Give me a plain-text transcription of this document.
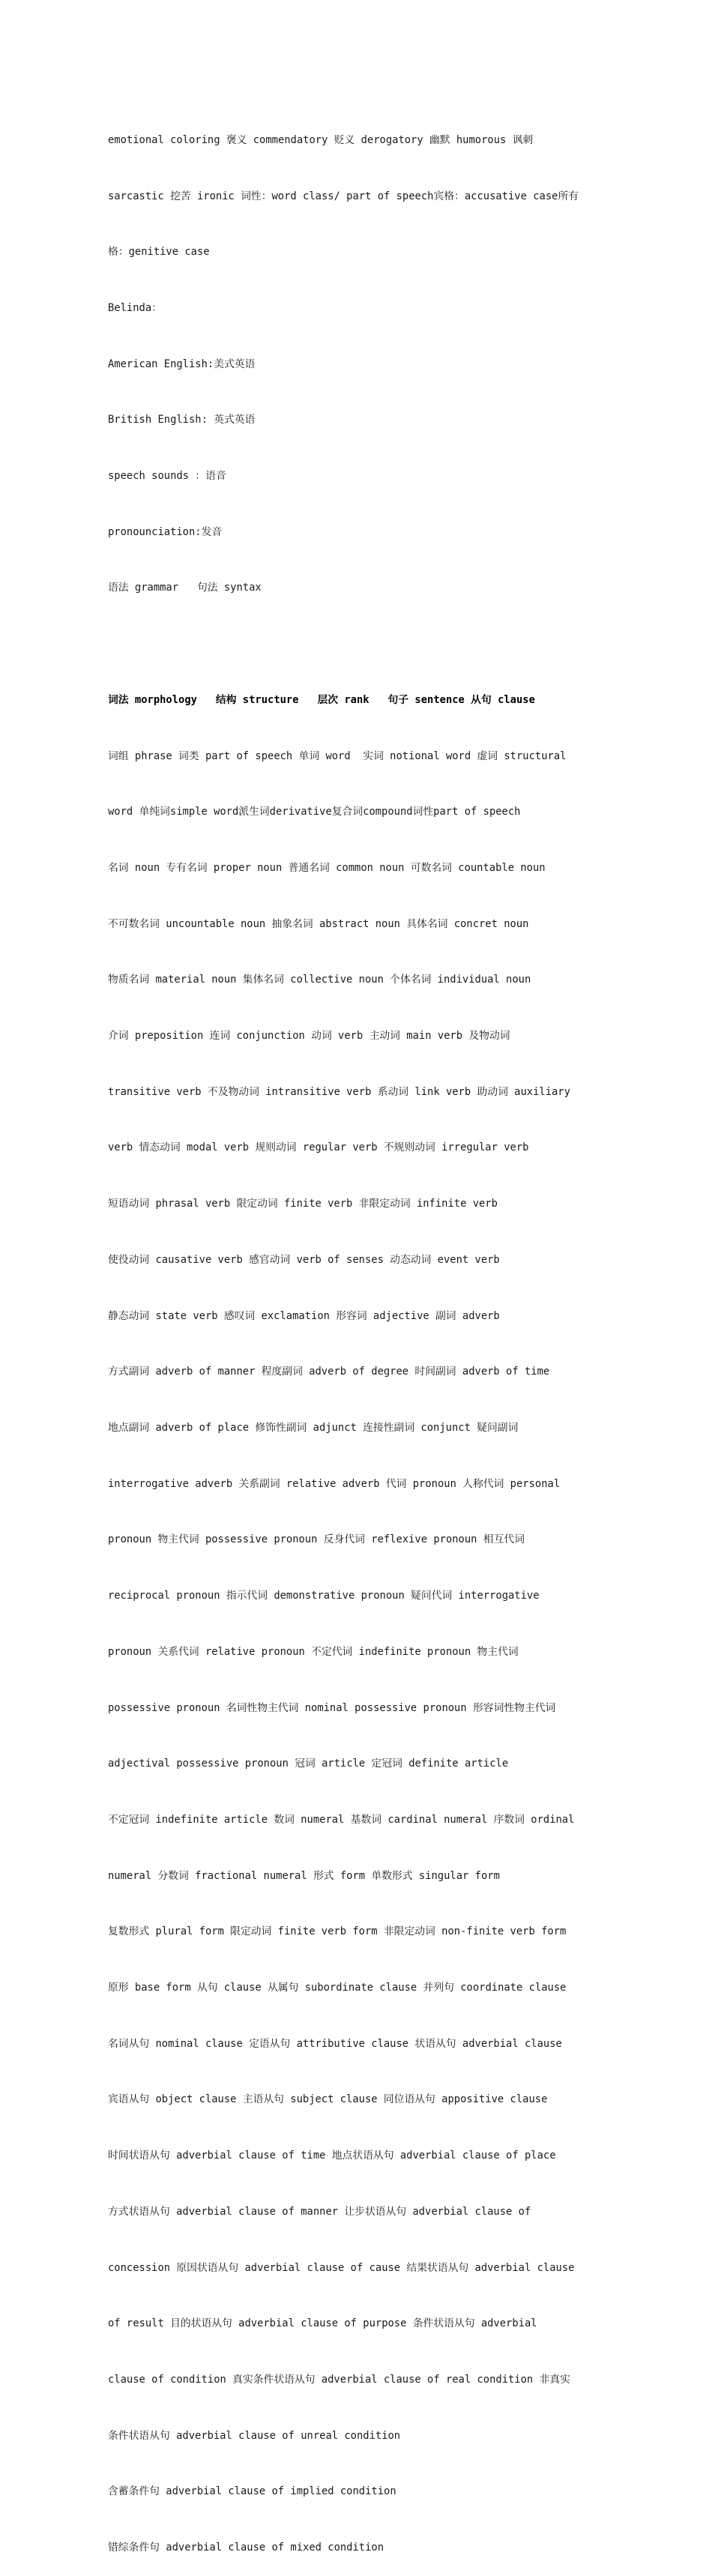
emotional coloring 褒义 commendatory 贬义 derogatory 幽默 humorous 讽刺

sarcastic 挖苦 ironic 词性：word class/ part of speech宾格：accusative case所有

格：genitive case

Belinda：

American English:美式英语

British English: 英式英语

speech sounds ：语音

pronounciation:发音

语法 grammar   句法 syntax

词法 morphology   结构 structure   层次 rank   句子 sentence 从句 clause

词组 phrase 词类 part of speech 单词 word  实词 notional word 虚词 structural

word 单纯词simple word派生词derivative复合词compound词性part of speech

名词 noun 专有名词 proper noun 普通名词 common noun 可数名词 countable noun

不可数名词 uncountable noun 抽象名词 abstract noun 具体名词 concret noun

物质名词 material noun 集体名词 collective noun 个体名词 individual noun

介词 preposition 连词 conjunction 动词 verb 主动词 main verb 及物动词

transitive verb 不及物动词 intransitive verb 系动词 link verb 助动词 auxiliary

verb 情态动词 modal verb 规则动词 regular verb 不规则动词 irregular verb

短语动词 phrasal verb 限定动词 finite verb 非限定动词 infinite verb

使役动词 causative verb 感官动词 verb of senses 动态动词 event verb

静态动词 state verb 感叹词 exclamation 形容词 adjective 副词 adverb

方式副词 adverb of manner 程度副词 adverb of degree 时间副词 adverb of time

地点副词 adverb of place 修饰性副词 adjunct 连接性副词 conjunct 疑问副词

interrogative adverb 关系副词 relative adverb 代词 pronoun 人称代词 personal

pronoun 物主代词 possessive pronoun 反身代词 reflexive pronoun 相互代词

reciprocal pronoun 指示代词 demonstrative pronoun 疑问代词 interrogative

pronoun 关系代词 relative pronoun 不定代词 indefinite pronoun 物主代词

possessive pronoun 名词性物主代词 nominal possessive pronoun 形容词性物主代词

adjectival possessive pronoun 冠词 article 定冠词 definite article

不定冠词 indefinite article 数词 numeral 基数词 cardinal numeral 序数词 ordinal

numeral 分数词 fractional numeral 形式 form 单数形式 singular form

复数形式 plural form 限定动词 finite verb form 非限定动词 non-finite verb form

原形 base form 从句 clause 从属句 subordinate clause 并列句 coordinate clause

名词从句 nominal clause 定语从句 attributive clause 状语从句 adverbial clause

宾语从句 object clause 主语从句 subject clause 同位语从句 appositive clause

时间状语从句 adverbial clause of time 地点状语从句 adverbial clause of place

方式状语从句 adverbial clause of manner 让步状语从句 adverbial clause of

concession 原因状语从句 adverbial clause of cause 结果状语从句 adverbial clause

of result 目的状语从句 adverbial clause of purpose 条件状语从句 adverbial

clause of condition 真实条件状语从句 adverbial clause of real condition 非真实

条件状语从句 adverbial clause of unreal condition

含蓄条件句 adverbial clause of implied condition

错综条件句 adverbial clause of mixed condition
